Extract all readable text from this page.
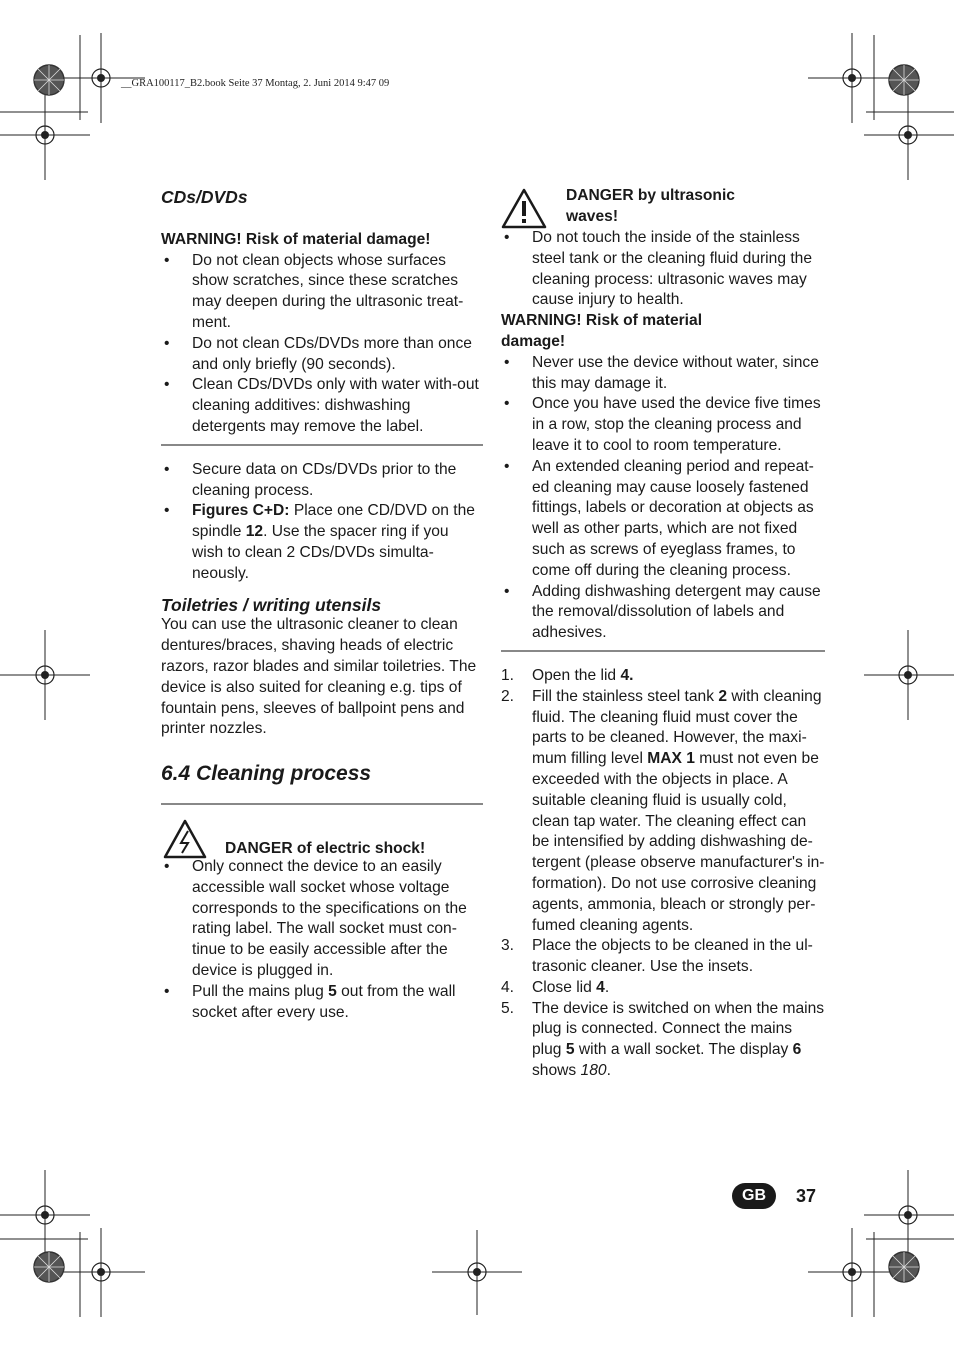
__GRA100117_B2.book Seite 37 Montag, 2. Juni 2014 9:47 09
CDs/DVDs

WARNING! Risk of material damage!

• Do not clean objects whose surfaces show scratches, since these scratches may deepen during the ultrasonic treat-ment.
• Do not clean CDs/DVDs more than once and only briefly (90 seconds).
• Clean CDs/DVDs only with water with-out cleaning additives: dishwashing detergents may remove the label.
• Secure data on CDs/DVDs prior to the cleaning process.
• Figures C+D: Place one CD/DVD on the spindle 12. Use the spacer ring if you wish to clean 2 CDs/DVDs simulta-neously.
Toiletries / writing utensils

You can use the ultrasonic cleaner to clean dentures/braces, shaving heads of electric razors, razor blades and similar toiletries. The device is also suited for cleaning e.g. tips of fountain pens, sleeves of ballpoint pens and printer nozzles.

6.4 Cleaning process
DANGER of electric shock!
• Only connect the device to an easily accessible wall socket whose voltage corresponds to the specifications on the rating label. The wall socket must con-tinue to be easily accessible after the device is plugged in.
• Pull the mains plug 5 out from the wall socket after every use.
DANGER by ultrasonic waves!
• Do not touch the inside of the stainless steel tank or the cleaning fluid during the cleaning process: ultrasonic waves may cause injury to health.

WARNING! Risk of material damage!

• Never use the device without water, since this may damage it.
• Once you have used the device five times in a row, stop the cleaning process and leave it to cool to room temperature.
• An extended cleaning period and repeat-ed cleaning may cause loosely fastened fittings, labels or decoration at objects as well as other parts, which are not fixed such as screws of eyeglass frames, to come off during the cleaning process.
• Adding dishwashing detergent may cause the removal/dissolution of labels and adhesives.
1. Open the lid 4.
2. Fill the stainless steel tank 2 with cleaning fluid. The cleaning fluid must cover the parts to be cleaned. However, the maxi-mum filling level MAX 1 must not even be exceeded with the objects in place. A suitable cleaning fluid is usually cold, clean tap water. The cleaning effect can be intensified by adding dishwashing de-tergent (please observe manufacturer's in-formation). Do not use corrosive cleaning agents, ammonia, bleach or strongly per-fumed cleaning agents.
3. Place the objects to be cleaned in the ul-trasonic cleaner. Use the insets.
4. Close lid 4.
5. The device is switched on when the mains plug is connected. Connect the mains plug 5 with a wall socket. The display 6 shows 180.
GB	37
